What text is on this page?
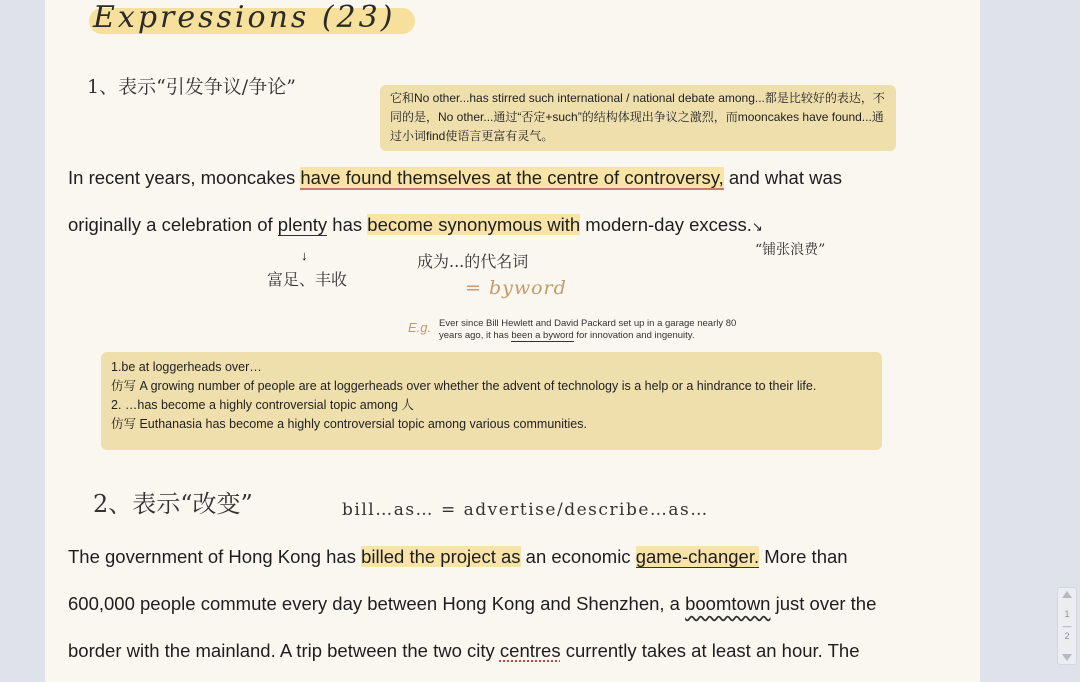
Expressions (23)
1、表示“引发争议/争论”	它和No other...has stirred such international / national debate among...都是比较好的表达，不同的是，No other...通过“否定+such”的结构体现出争议之激烈，而mooncakes have found...通过小词find使语言更富有灵气。
In recent years, mooncakes have found themselves at the centre of controversy, and what was
originally a celebration of plenty has become synonymous with modern-day excess.↘
↓
富足、丰收
成为...的代名词
= byword
“铺张浪费”
E.g. Ever since Bill Hewlett and David Packard set up in a garage nearly 80
years ago, it has been a byword for innovation and ingenuity.
1.be at loggerheads over…
仿写 A growing number of people are at loggerheads over whether the advent of technology is a help or a hindrance to their life.
2. …has become a highly controversial topic among 人
仿写 Euthanasia has become a highly controversial topic among various communities.
2、表示“改变”	bill…as… = advertise/describe…as…
The government of Hong Kong has billed the project as an economic game-changer. More than
600,000 people commute every day between Hong Kong and Shenzhen, a boomtown just over the
border with the mainland. A trip between the two city centres currently takes at least an hour. The
1
—
2
